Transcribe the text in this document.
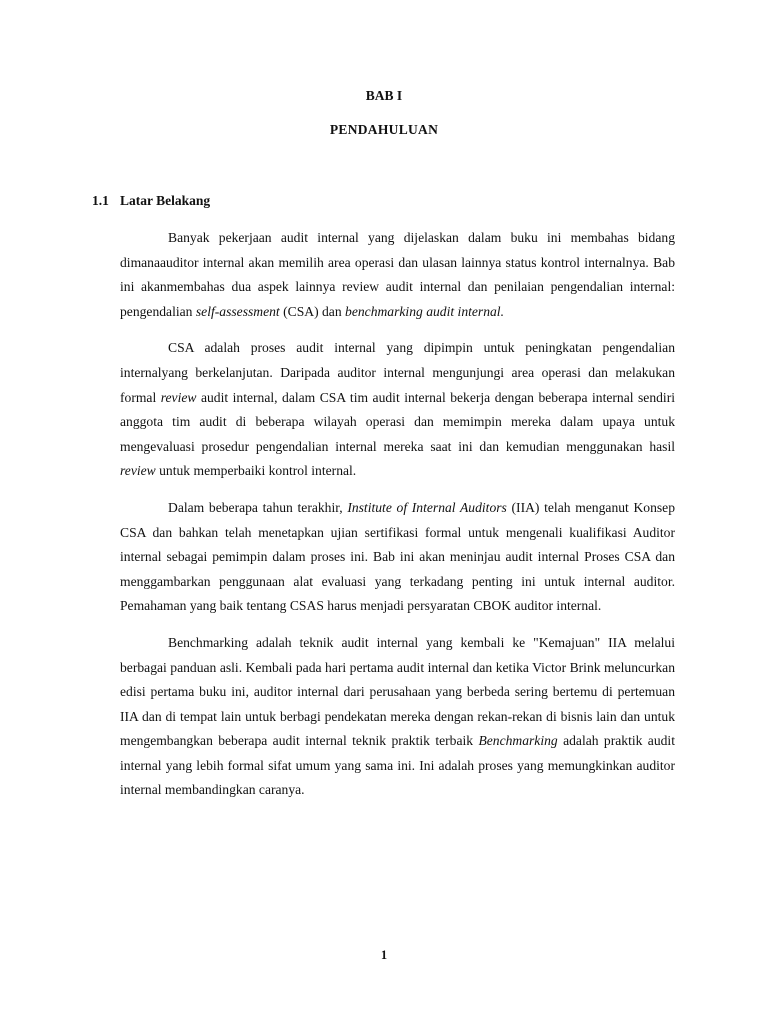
BAB I
PENDAHULUAN
1.1 Latar Belakang

Banyak pekerjaan audit internal yang dijelaskan dalam buku ini membahas bidang dimanaauditor internal akan memilih area operasi dan ulasan lainnya status kontrol internalnya. Bab ini akanmembahas dua aspek lainnya review audit internal dan penilaian pengendalian internal: pengendalian self-assessment (CSA) dan benchmarking audit internal.

CSA adalah proses audit internal yang dipimpin untuk peningkatan pengendalian internalyang berkelanjutan. Daripada auditor internal mengunjungi area operasi dan melakukan formal review audit internal, dalam CSA tim audit internal bekerja dengan beberapa internal sendiri anggota tim audit di beberapa wilayah operasi dan memimpin mereka dalam upaya untuk mengevaluasi prosedur pengendalian internal mereka saat ini dan kemudian menggunakan hasil review untuk memperbaiki kontrol internal.

Dalam beberapa tahun terakhir, Institute of Internal Auditors (IIA) telah menganut Konsep CSA dan bahkan telah menetapkan ujian sertifikasi formal untuk mengenali kualifikasi Auditor internal sebagai pemimpin dalam proses ini. Bab ini akan meninjau audit internal Proses CSA dan menggambarkan penggunaan alat evaluasi yang terkadang penting ini untuk internal auditor. Pemahaman yang baik tentang CSAS harus menjadi persyaratan CBOK auditor internal.

Benchmarking adalah teknik audit internal yang kembali ke "Kemajuan" IIA melalui berbagai panduan asli. Kembali pada hari pertama audit internal dan ketika Victor Brink meluncurkan edisi pertama buku ini, auditor internal dari perusahaan yang berbeda sering bertemu di pertemuan IIA dan di tempat lain untuk berbagi pendekatan mereka dengan rekan-rekan di bisnis lain dan untuk mengembangkan beberapa audit internal teknik praktik terbaik Benchmarking adalah praktik audit internal yang lebih formal sifat umum yang sama ini. Ini adalah proses yang memungkinkan auditor internal membandingkan caranya.

1
